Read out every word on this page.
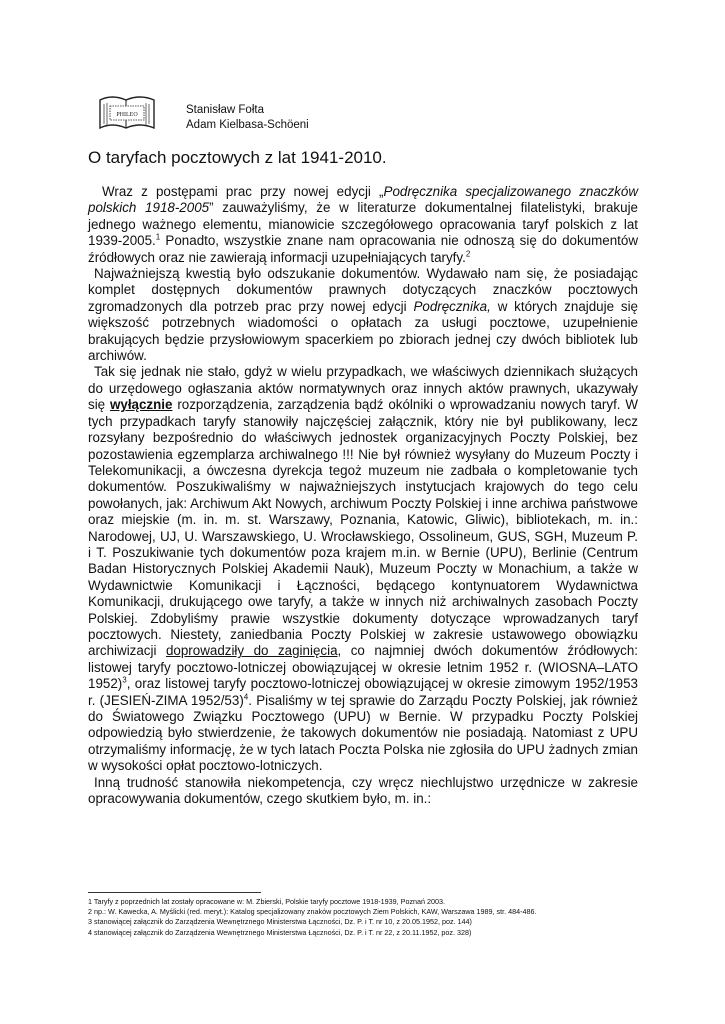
PHILEO	Stanisław Fołta
Adam Kielbasa-Schöeni
O taryfach pocztowych z lat 1941-2010.

Wraz z postępami prac przy nowej edycji „Podręcznika specjalizowanego znaczków polskich 1918-2005” zauważyliśmy, że w literaturze dokumentalnej filatelistyki, brakuje jednego ważnego elementu, mianowicie szczegółowego opracowania taryf polskich z lat 1939-2005.$^1$ Ponadto, wszystkie znane nam opracowania nie odnoszą się do dokumentów źródłowych oraz nie zawierają informacji uzupełniających taryfy.$^2$

Najważniejszą kwestią było odszukanie dokumentów. Wydawało nam się, że posiadając komplet dostępnych dokumentów prawnych dotyczących znaczków pocztowych zgromadzonych dla potrzeb prac przy nowej edycji Podręcznika, w których znajduje się większość potrzebnych wiadomości o opłatach za usługi pocztowe, uzupełnienie brakujących będzie przysłowiowym spacerkiem po zbiorach jednej czy dwóch bibliotek lub archiwów.

Tak się jednak nie stało, gdyż w wielu przypadkach, we właściwych dziennikach służących do urzędowego ogłaszania aktów normatywnych oraz innych aktów prawnych, ukazywały się wyłącznie rozporządzenia, zarządzenia bądź okólniki o wprowadzaniu nowych taryf. W tych przypadkach taryfy stanowiły najczęściej załącznik, który nie był publikowany, lecz rozsyłany bezpośrednio do właściwych jednostek organizacyjnych Poczty Polskiej, bez pozostawienia egzemplarza archiwalnego !!! Nie był również wysyłany do Muzeum Poczty i Telekomunikacji, a ówczesna dyrekcja tegoż muzeum nie zadbała o kompletowanie tych dokumentów. Poszukiwaliśmy w najważniejszych instytucjach krajowych do tego celu powołanych, jak: Archiwum Akt Nowych, archiwum Poczty Polskiej i inne archiwa państwowe oraz miejskie (m. in. m. st. Warszawy, Poznania, Katowic, Gliwic), bibliotekach, m. in.: Narodowej, UJ, U. Warszawskiego, U. Wrocławskiego, Ossolineum, GUS, SGH, Muzeum P. i T. Poszukiwanie tych dokumentów poza krajem m.in. w Bernie (UPU), Berlinie (Centrum Badan Historycznych Polskiej Akademii Nauk), Muzeum Poczty w Monachium, a także w Wydawnictwie Komunikacji i Łączności, będącego kontynuatorem Wydawnictwa Komunikacji, drukującego owe taryfy, a także w innych niż archiwalnych zasobach Poczty Polskiej. Zdobyliśmy prawie wszystkie dokumenty dotyczące wprowadzanych taryf pocztowych. Niestety, zaniedbania Poczty Polskiej w zakresie ustawowego obowiązku archiwizacji doprowadziły do zaginięcia, co najmniej dwóch dokumentów źródłowych: listowej taryfy pocztowo-lotniczej obowiązującej w okresie letnim 1952 r. (WIOSNA–LATO 1952)$^3$, oraz listowej taryfy pocztowo-lotniczej obowiązującej w okresie zimowym 1952/1953 r. (JESIEŃ-ZIMA 1952/53)$^4$. Pisaliśmy w tej sprawie do Zarządu Poczty Polskiej, jak również do Światowego Związku Pocztowego (UPU) w Bernie. W przypadku Poczty Polskiej odpowiedzią było stwierdzenie, że takowych dokumentów nie posiadają. Natomiast z UPU otrzymaliśmy informację, że w tych latach Poczta Polska nie zgłosiła do UPU żadnych zmian w wysokości opłat pocztowo-lotniczych.

Inną trudność stanowiła niekompetencja, czy wręcz niechlujstwo urzędnicze w zakresie opracowywania dokumentów, czego skutkiem było, m. in.:

1 Taryfy z poprzednich lat zostały opracowane w: M. Zbierski, Polskie taryfy pocztowe 1918-1939, Poznań 2003.
2 np.: W. Kawecka, A. Myślicki (red. meryt.): Katalog specjalizowany znaków pocztowych Ziem Polskich, KAW, Warszawa 1989, str. 484-486.
3 stanowiącej załącznik do Zarządzenia Wewnętrznego Ministerstwa Łączności, Dz. P. i T. nr 10, z 20.05.1952, poz. 144)
4 stanowiącej załącznik do Zarządzenia Wewnętrznego Ministerstwa Łączności, Dz. P. i T. nr 22, z 20.11.1952, poz. 328)
